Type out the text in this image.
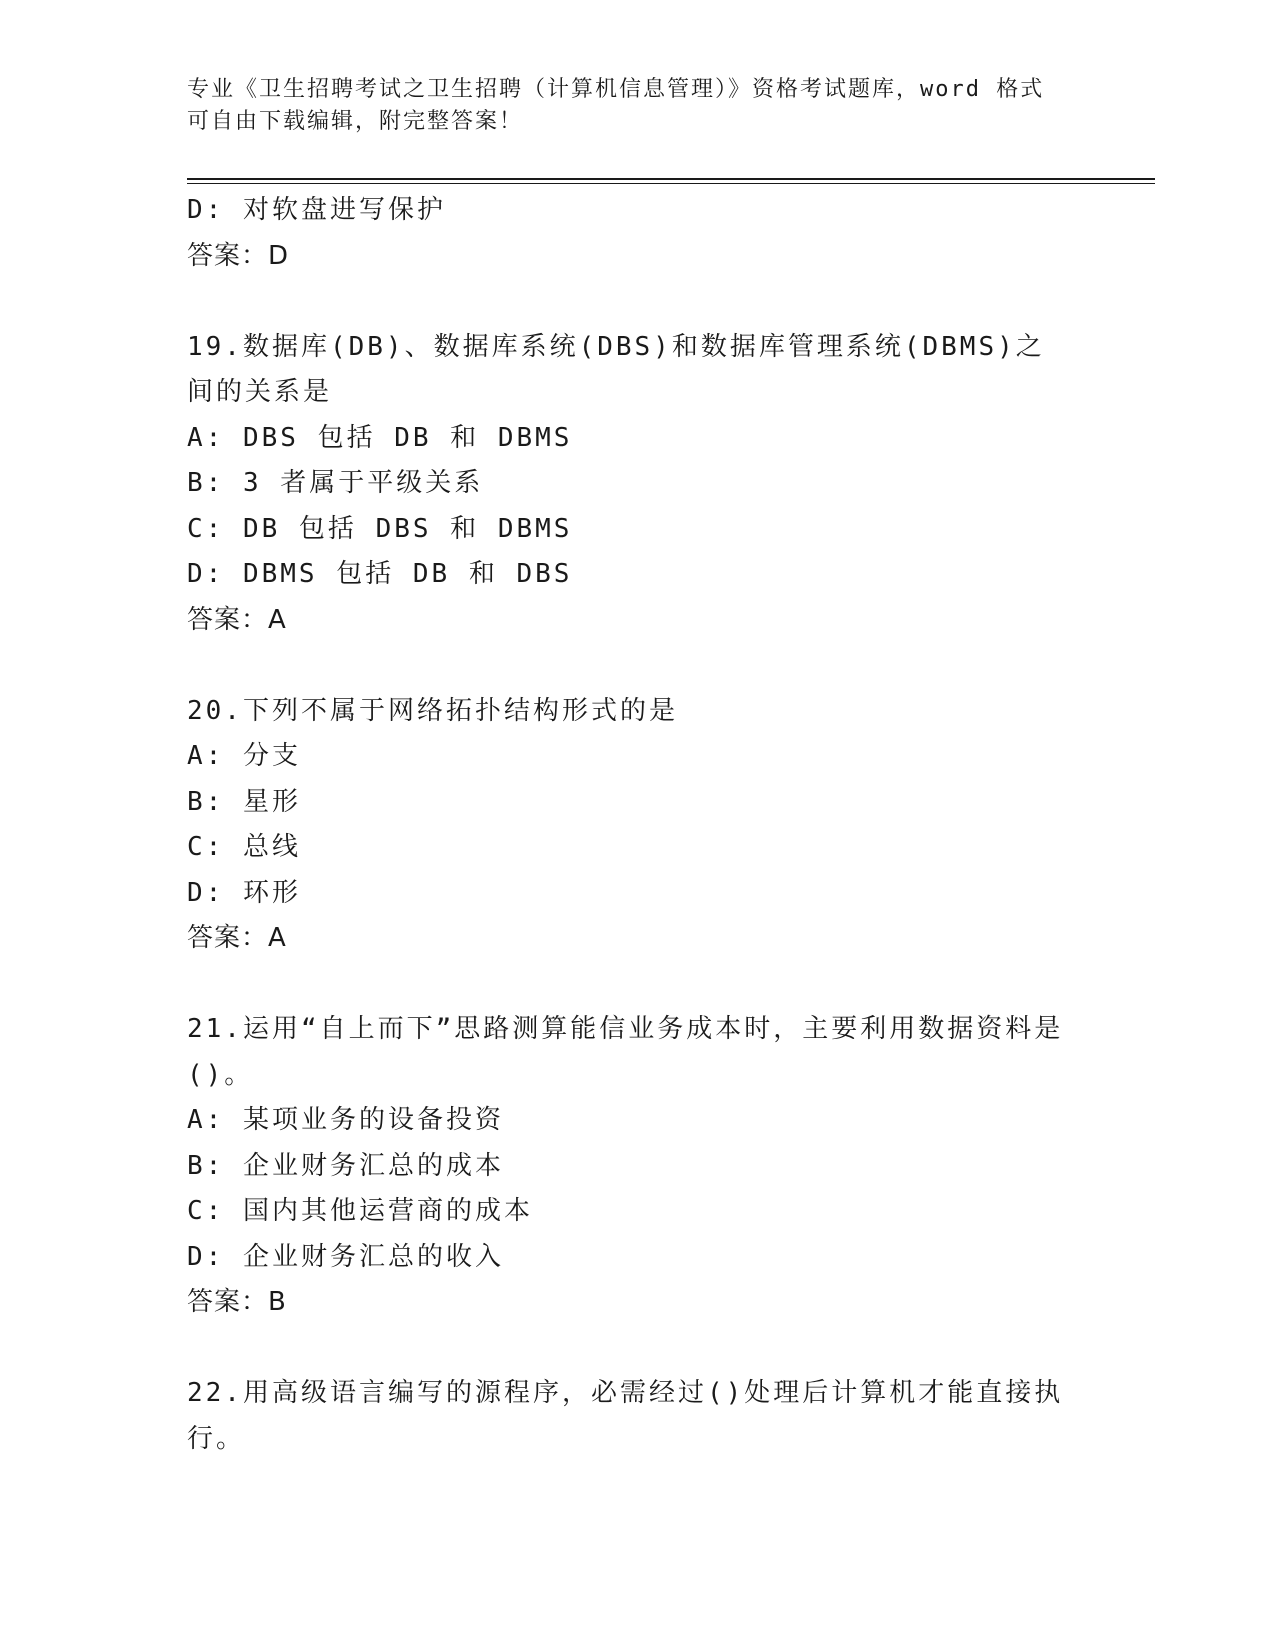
专业《卫生招聘考试之卫生招聘（计算机信息管理）》资格考试题库，word 格式
可自由下载编辑，附完整答案！
D: 对软盘进写保护
答案：D
19.数据库(DB)、数据库系统(DBS)和数据库管理系统(DBMS)之间的关系是
A: DBS 包括 DB 和 DBMS
B: 3 者属于平级关系
C: DB 包括 DBS 和 DBMS
D: DBMS 包括 DB 和 DBS
答案：A
20.下列不属于网络拓扑结构形式的是
A: 分支
B: 星形
C: 总线
D: 环形
答案：A
21.运用“自上而下”思路测算能信业务成本时，主要利用数据资料是()。
A: 某项业务的设备投资
B: 企业财务汇总的成本
C: 国内其他运营商的成本
D: 企业财务汇总的收入
答案：B
22.用高级语言编写的源程序，必需经过()处理后计算机才能直接执行。
